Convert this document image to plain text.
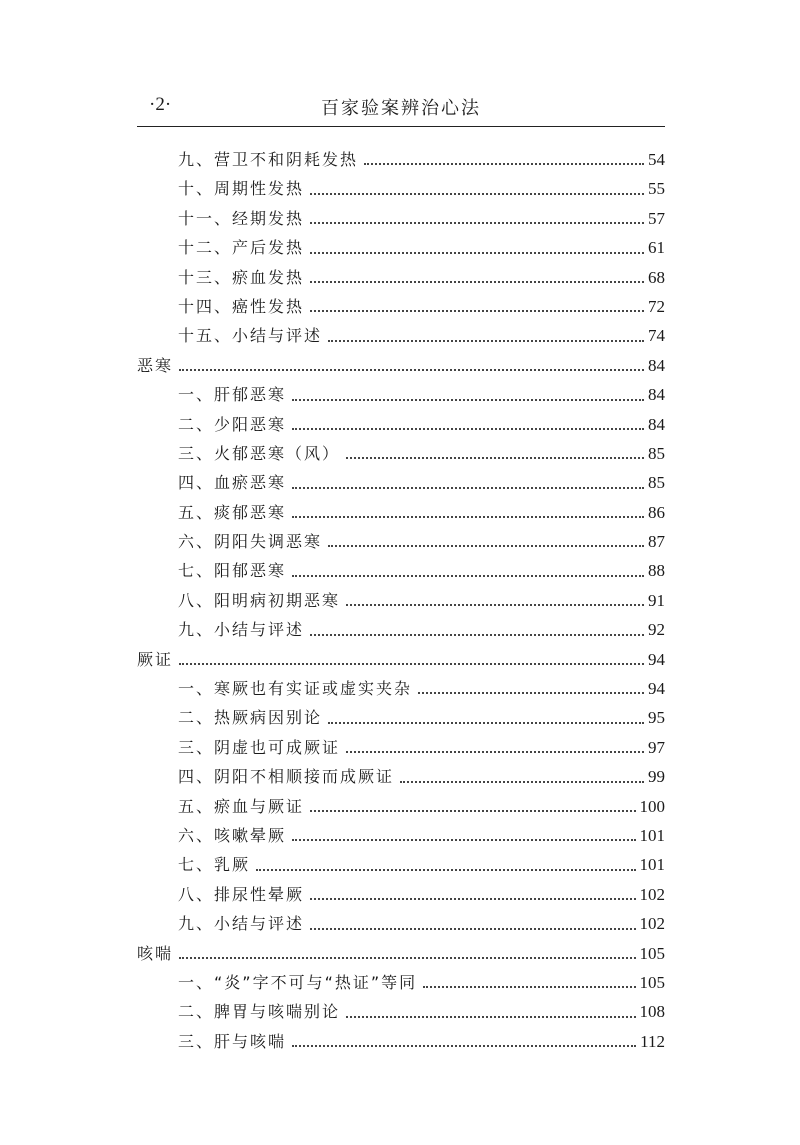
·2·	百家验案辨治心法
九、营卫不和阴耗发热	54
十、周期性发热	55
十一、经期发热	57
十二、产后发热	61
十三、瘀血发热	68
十四、癌性发热	72
十五、小结与评述	74
恶寒	84
一、肝郁恶寒	84
二、少阳恶寒	84
三、火郁恶寒（风）	85
四、血瘀恶寒	85
五、痰郁恶寒	86
六、阴阳失调恶寒	87
七、阳郁恶寒	88
八、阳明病初期恶寒	91
九、小结与评述	92
厥证	94
一、寒厥也有实证或虚实夹杂	94
二、热厥病因别论	95
三、阴虚也可成厥证	97
四、阴阳不相顺接而成厥证	99
五、瘀血与厥证	100
六、咳嗽晕厥	101
七、乳厥	101
八、排尿性晕厥	102
九、小结与评述	102
咳喘	105
一、“炎”字不可与“热证”等同	105
二、脾胃与咳喘别论	108
三、肝与咳喘	112
